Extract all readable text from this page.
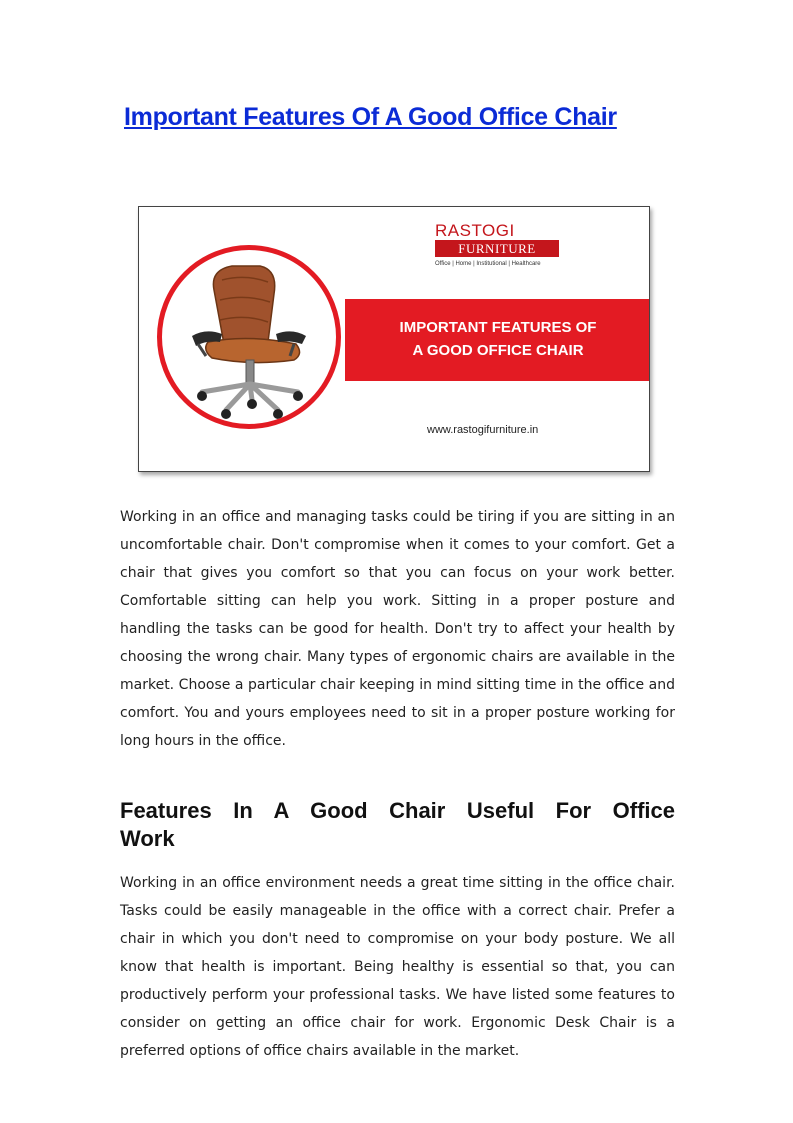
Important Features Of A Good Office Chair
RASTOGI
FURNITURE
Office | Home | Institutional | Healthcare
IMPORTANT FEATURES OF
A GOOD OFFICE CHAIR
www.rastogifurniture.in

Working in an office and managing tasks could be tiring if you are sitting in an uncomfortable chair. Don't compromise when it comes to your comfort. Get a chair that gives you comfort so that you can focus on your work better. Comfortable sitting can help you work. Sitting in a proper posture and handling the tasks can be good for health. Don't try to affect your health by choosing the wrong chair. Many types of ergonomic chairs are available in the market. Choose a particular chair keeping in mind sitting time in the office and comfort. You and yours employees need to sit in a proper posture working for long hours in the office.

Features In A Good Chair Useful For Office Work

Working in an office environment needs a great time sitting in the office chair. Tasks could be easily manageable in the office with a correct chair. Prefer a chair in which you don't need to compromise on your body posture. We all know that health is important. Being healthy is essential so that, you can productively perform your professional tasks. We have listed some features to consider on getting an office chair for work. Ergonomic Desk Chair is a preferred options of office chairs available in the market.
